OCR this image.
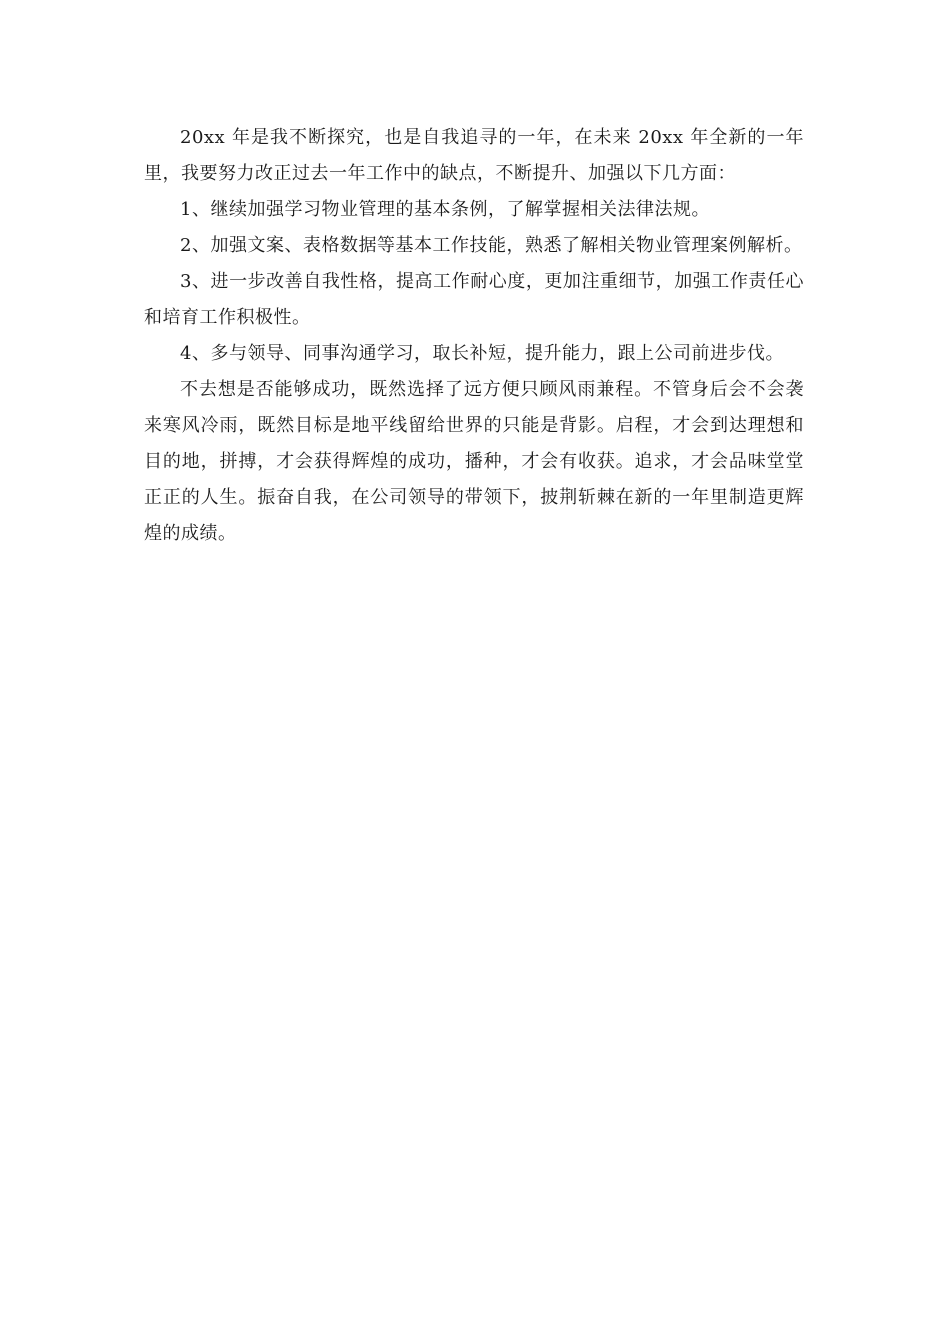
20xx 年是我不断探究，也是自我追寻的一年，在未来 20xx 年全新的一年里，我要努力改正过去一年工作中的缺点，不断提升、加强以下几方面：

1、继续加强学习物业管理的基本条例，了解掌握相关法律法规。

2、加强文案、表格数据等基本工作技能，熟悉了解相关物业管理案例解析。

3、进一步改善自我性格，提高工作耐心度，更加注重细节，加强工作责任心和培育工作积极性。

4、多与领导、同事沟通学习，取长补短，提升能力，跟上公司前进步伐。

不去想是否能够成功，既然选择了远方便只顾风雨兼程。不管身后会不会袭来寒风冷雨，既然目标是地平线留给世界的只能是背影。启程，才会到达理想和目的地，拼搏，才会获得辉煌的成功，播种，才会有收获。追求，才会品味堂堂正正的人生。振奋自我，在公司领导的带领下，披荆斩棘在新的一年里制造更辉煌的成绩。
